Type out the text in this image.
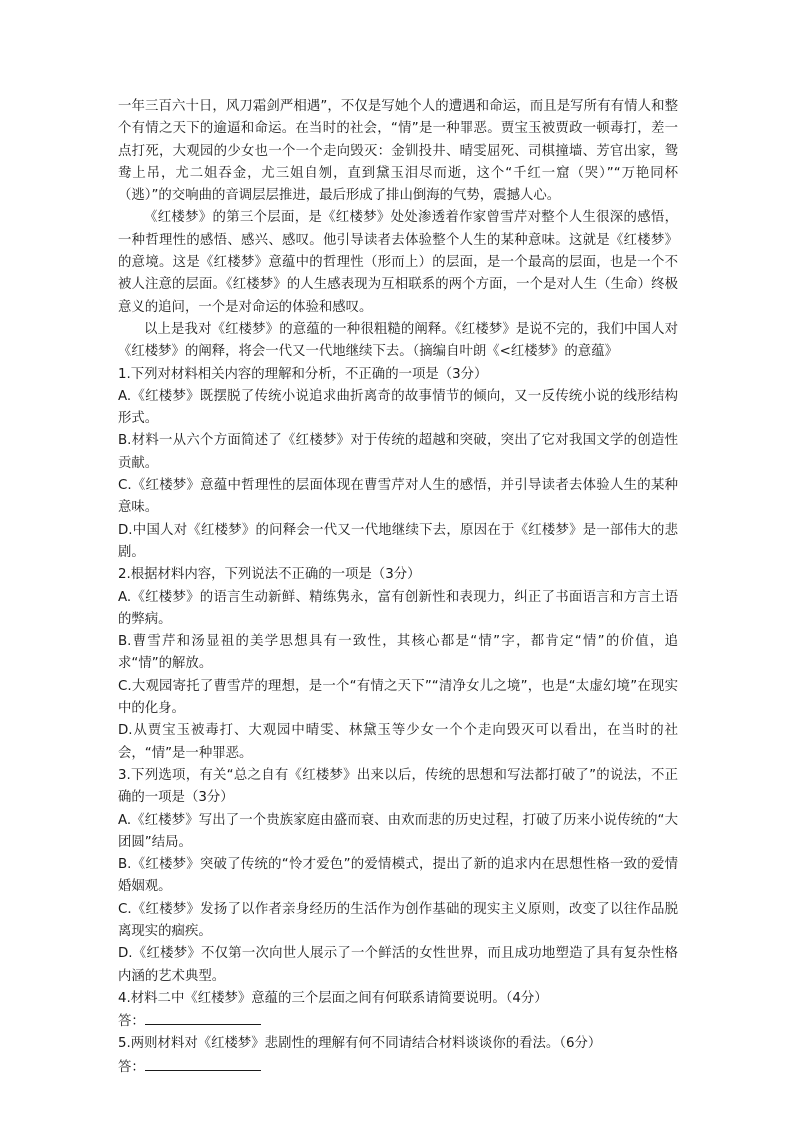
一年三百六十日，风刀霜剑严相遇”，不仅是写她个人的遭遇和命运，而且是写所有有情人和整个有情之天下的逾逼和命运。在当时的社会，“情”是一种罪恶。贾宝玉被贾政一顿毒打，差一点打死，大观园的少女也一个一个走向毁灭：金钏投井、晴雯屈死、司棋撞墙、芳官出家，鸳鸯上吊，尤二姐吞金，尤三姐自刎，直到黛玉泪尽而逝，这个“千红一窟（哭）”“万艳同杯（逃）”的交响曲的音调层层推进，最后形成了排山倒海的气势，震撼人心。

《红楼梦》的第三个层面，是《红楼梦》处处渗透着作家曾雪芹对整个人生很深的感悟，一种哲理性的感悟、感兴、感叹。他引导读者去体验整个人生的某种意味。这就是《红楼梦》的意境。这是《红楼梦》意蕴中的哲理性（形而上）的层面，是一个最高的层面，也是一个不被人注意的层面。《红楼梦》的人生感表现为互相联系的两个方面，一个是对人生（生命）终极意义的追问，一个是对命运的体验和感叹。

以上是我对《红楼梦》的意蕴的一种很粗糙的阐释。《红楼梦》是说不完的，我们中国人对《红楼梦》的阐释，将会一代又一代地继续下去。（摘编自叶朗《<红楼梦》的意蕴》

1.下列对材料相关内容的理解和分析，不正确的一项是（3分）

A.《红楼梦》既摆脱了传统小说追求曲折离奇的故事情节的倾向，又一反传统小说的线形结构形式。

B.材料一从六个方面简述了《红楼梦》对于传统的超越和突破，突出了它对我国文学的创造性贡献。

C.《红楼梦》意蕴中哲理性的层面体现在曹雪芹对人生的感悟，并引导读者去体验人生的某种意味。

D.中国人对《红楼梦》的问释会一代又一代地继续下去，原因在于《红楼梦》是一部伟大的悲剧。

2.根据材料内容，下列说法不正确的一项是（3分）

A.《红楼梦》的语言生动新鲜、精练隽永，富有创新性和表现力，纠正了书面语言和方言土语的弊病。

B.曹雪芹和汤显祖的美学思想具有一致性，其核心都是“情”字，都肯定“情”的价值，追求“情”的解放。

C.大观园寄托了曹雪芹的理想，是一个“有情之天下”“清净女儿之境”，也是“太虚幻境”在现实中的化身。

D.从贾宝玉被毒打、大观园中晴雯、林黛玉等少女一个个走向毁灭可以看出，在当时的社会，“情”是一种罪恶。

3.下列选项，有关“总之自有《红楼梦》出来以后，传统的思想和写法都打破了”的说法，不正确的一项是（3分）

A.《红楼梦》写出了一个贵族家庭由盛而衰、由欢而悲的历史过程，打破了历来小说传统的“大团圆”结局。

B.《红楼梦》突破了传统的“怜才爱色”的爱情模式，提出了新的追求内在思想性格一致的爱情婚姻观。

C.《红楼梦》发扬了以作者亲身经历的生活作为创作基础的现实主义原则，改变了以往作品脱离现实的痼疾。

D.《红楼梦》不仅第一次向世人展示了一个鲜活的女性世界，而且成功地塑造了具有复杂性格内涵的艺术典型。

4.材料二中《红楼梦》意蕴的三个层面之间有何联系请简要说明。（4分）

答：

5.两则材料对《红楼梦》悲剧性的理解有何不同请结合材料谈谈你的看法。（6分）

答：
